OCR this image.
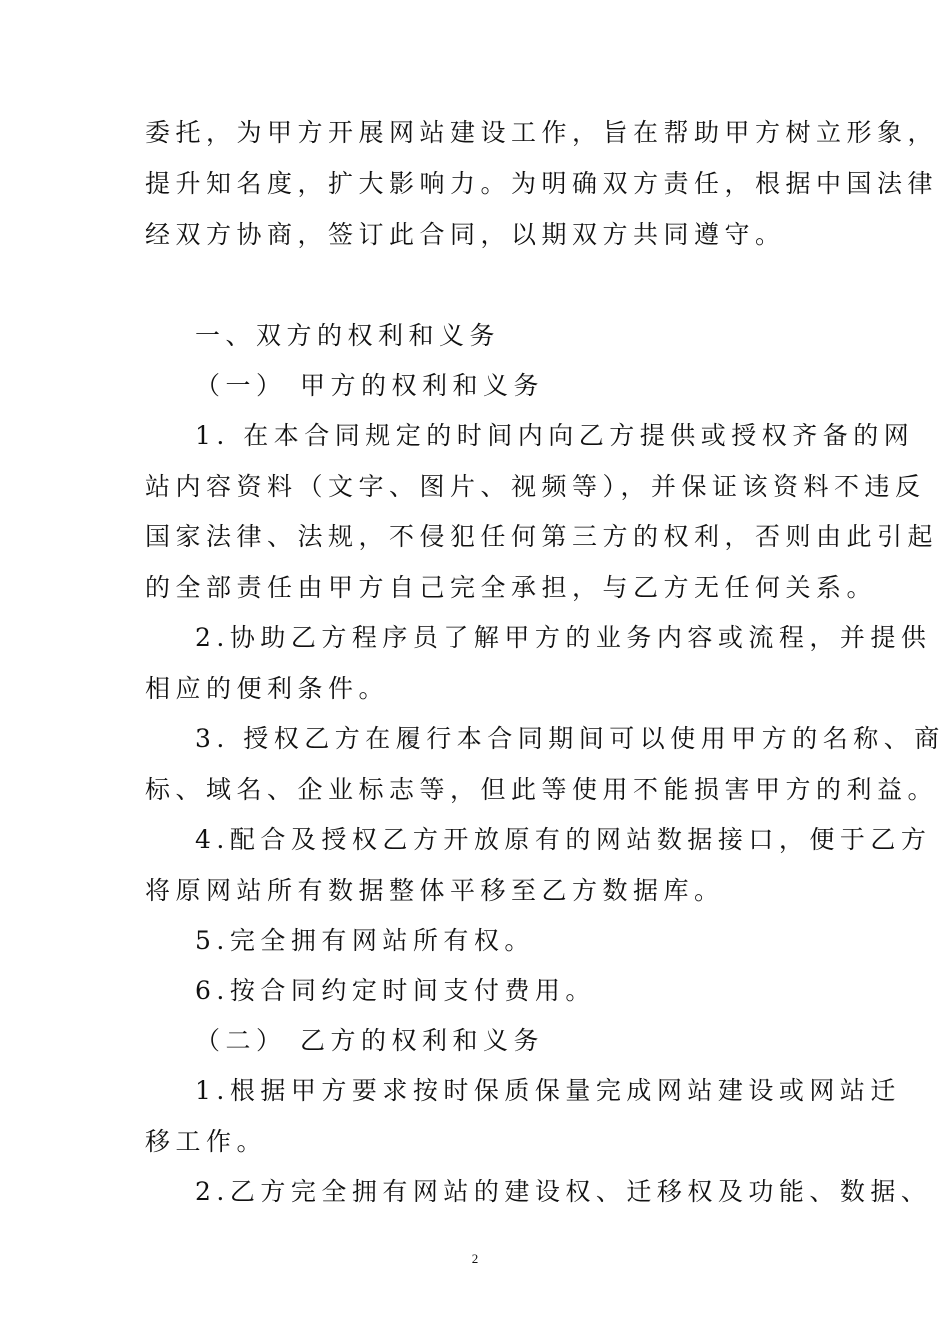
委托，为甲方开展网站建设工作，旨在帮助甲方树立形象，
提升知名度，扩大影响力。为明确双方责任，根据中国法律
经双方协商，签订此合同，以期双方共同遵守。
一、双方的权利和义务
（一） 甲方的权利和义务
1. 在本合同规定的时间内向乙方提供或授权齐备的网
站内容资料（文字、图片、视频等），并保证该资料不违反
国家法律、法规，不侵犯任何第三方的权利，否则由此引起
的全部责任由甲方自己完全承担，与乙方无任何关系。
2.协助乙方程序员了解甲方的业务内容或流程，并提供
相应的便利条件。
3. 授权乙方在履行本合同期间可以使用甲方的名称、商
标、域名、企业标志等，但此等使用不能损害甲方的利益。
4.配合及授权乙方开放原有的网站数据接口，便于乙方
将原网站所有数据整体平移至乙方数据库。
5.完全拥有网站所有权。
6.按合同约定时间支付费用。
（二） 乙方的权利和义务
1.根据甲方要求按时保质保量完成网站建设或网站迁
移工作。
2.乙方完全拥有网站的建设权、迁移权及功能、数据、
2
